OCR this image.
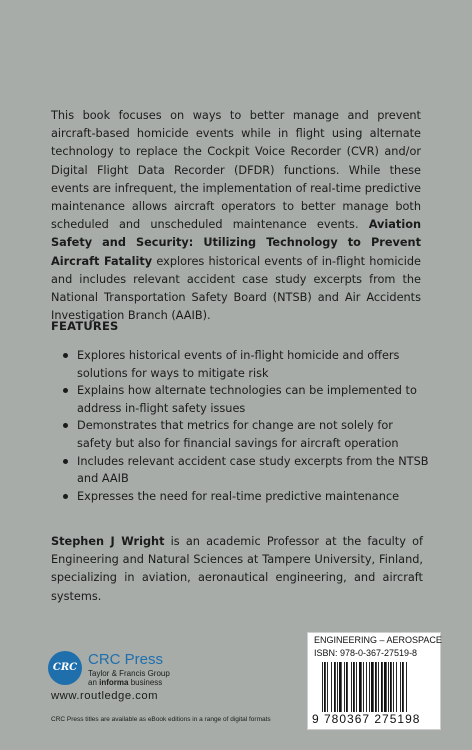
This book focuses on ways to better manage and prevent aircraft-based homicide events while in flight using alternate technology to replace the Cockpit Voice Recorder (CVR) and/or Digital Flight Data Recorder (DFDR) functions. While these events are infrequent, the implementation of real-time predictive maintenance allows aircraft operators to better manage both scheduled and unscheduled maintenance events. Aviation Safety and Security: Utilizing Technology to Prevent Aircraft Fatality explores historical events of in-flight homicide and includes relevant accident case study excerpts from the National Transportation Safety Board (NTSB) and Air Accidents Investigation Branch (AAIB).

FEATURES
Explores historical events of in-flight homicide and offers solutions for ways to mitigate risk
Explains how alternate technologies can be implemented to address in-flight safety issues
Demonstrates that metrics for change are not solely for safety but also for financial savings for aircraft operation
Includes relevant accident case study excerpts from the NTSB and AAIB
Expresses the need for real-time predictive maintenance

Stephen J Wright is an academic Professor at the faculty of Engineering and Natural Sciences at Tampere University, Finland, specializing in aviation, aeronautical engineering, and aircraft systems.

CRC CRC Press
Taylor & Francis Group
an informa business
www.routledge.com
CRC Press titles are available as eBook editions in a range of digital formats
ENGINEERING – AEROSPACE
ISBN: 978-0-367-27519-8
9 780367 275198
